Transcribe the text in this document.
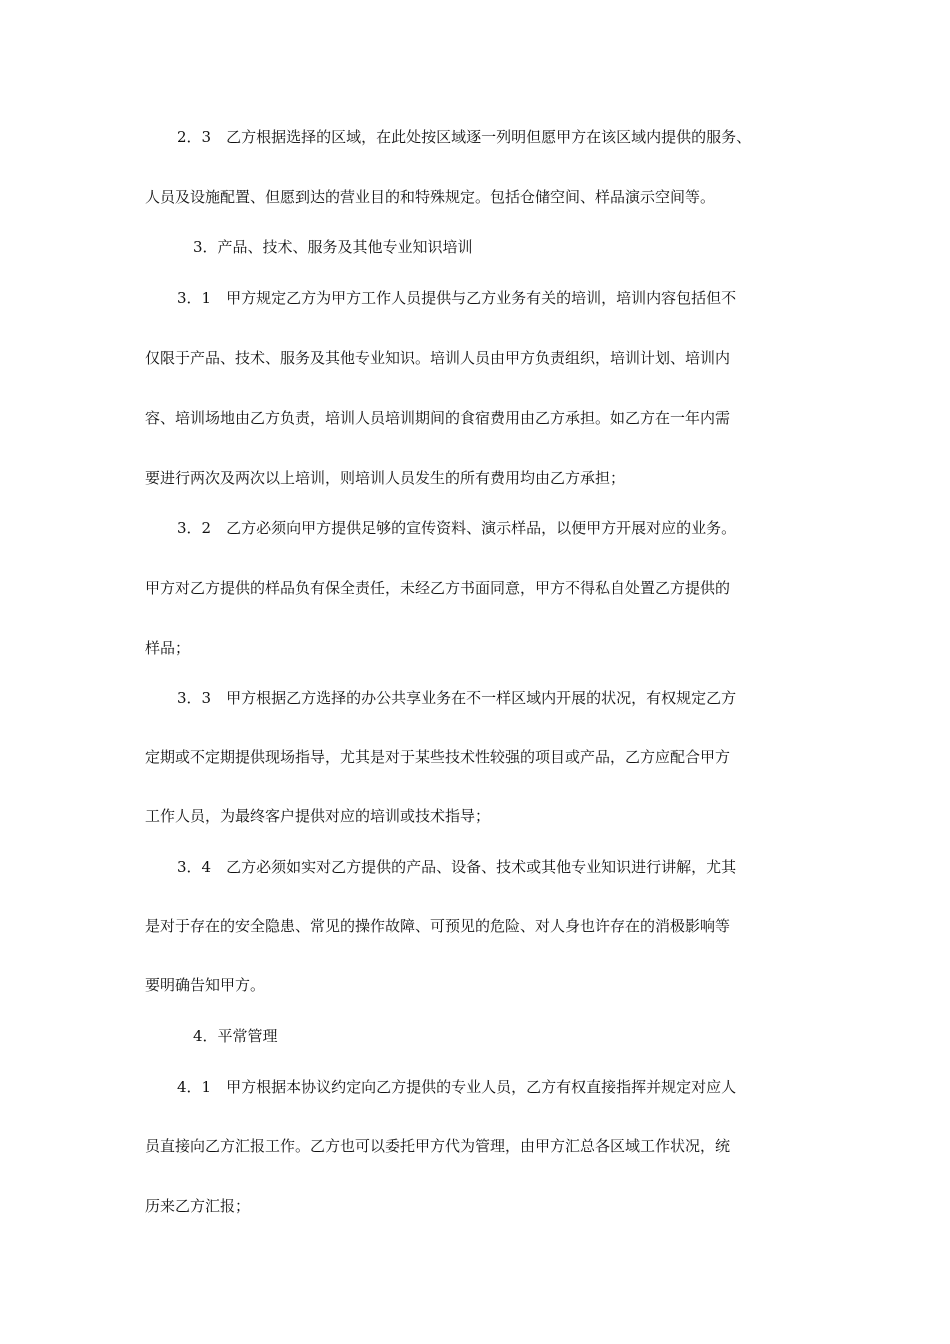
2．3　乙方根据选择的区域，在此处按区域逐一列明但愿甲方在该区域内提供的服务、
人员及设施配置、但愿到达的营业目的和特殊规定。包括仓储空间、样品演示空间等。
3．产品、技术、服务及其他专业知识培训
3．1　甲方规定乙方为甲方工作人员提供与乙方业务有关的培训，培训内容包括但不
仅限于产品、技术、服务及其他专业知识。培训人员由甲方负责组织，培训计划、培训内
容、培训场地由乙方负责，培训人员培训期间的食宿费用由乙方承担。如乙方在一年内需
要进行两次及两次以上培训，则培训人员发生的所有费用均由乙方承担；
3．2　乙方必须向甲方提供足够的宣传资料、演示样品，以便甲方开展对应的业务。
甲方对乙方提供的样品负有保全责任，未经乙方书面同意，甲方不得私自处置乙方提供的
样品；
3．3　甲方根据乙方选择的办公共享业务在不一样区域内开展的状况，有权规定乙方
定期或不定期提供现场指导，尤其是对于某些技术性较强的项目或产品，乙方应配合甲方
工作人员，为最终客户提供对应的培训或技术指导；
3．4　乙方必须如实对乙方提供的产品、设备、技术或其他专业知识进行讲解，尤其
是对于存在的安全隐患、常见的操作故障、可预见的危险、对人身也许存在的消极影响等
要明确告知甲方。
4．平常管理
4．1　甲方根据本协议约定向乙方提供的专业人员，乙方有权直接指挥并规定对应人
员直接向乙方汇报工作。乙方也可以委托甲方代为管理，由甲方汇总各区域工作状况，统
历来乙方汇报；
